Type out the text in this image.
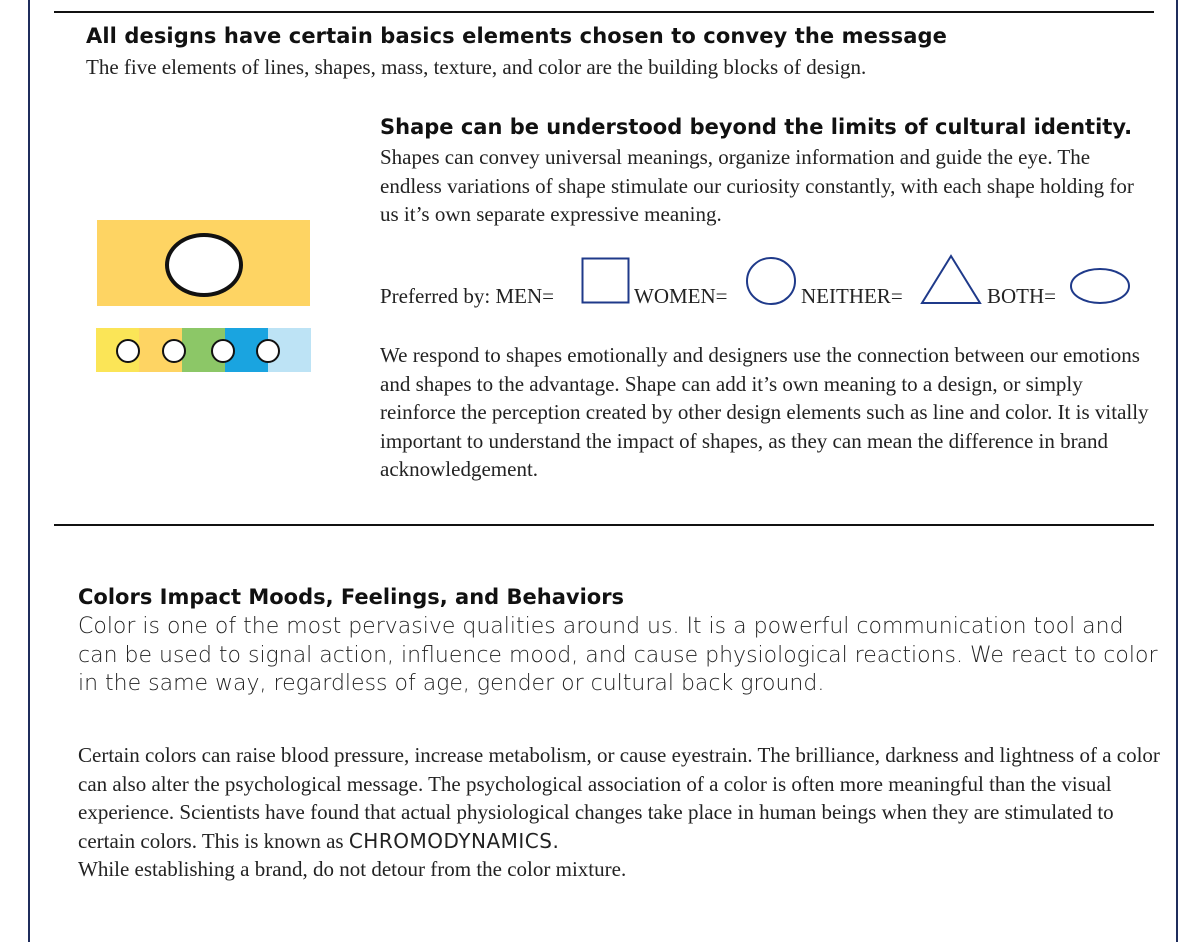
All designs have certain basics elements chosen to convey the message

The five elements of lines, shapes, mass, texture, and color are the building blocks of design.

Shape can be understood beyond the limits of cultural identity.

Shapes can convey universal meanings, organize information and guide the eye. The endless variations of shape stimulate our curiosity constantly, with each shape holding for us it’s own separate expressive meaning.

Preferred by: MEN=	WOMEN=	NEITHER=	BOTH=

We respond to shapes emotionally and designers use the connection between our emotions and shapes to the advantage. Shape can add it’s own meaning to a design, or simply reinforce the perception created by other design elements such as line and color. It is vitally important to understand the impact of shapes, as they can mean the difference in brand acknowledgement.

Colors Impact Moods, Feelings, and Behaviors

Color is one of the most pervasive qualities around us. It is a powerful communication tool and can be used to signal action, influence mood, and cause physiological reactions. We react to color in the same way, regardless of age, gender or cultural back ground.

Certain colors can raise blood pressure, increase metabolism, or cause eyestrain. The brilliance, darkness and lightness of a color can also alter the psychological message. The psychological association of a color is often more meaningful than the visual experience. Scientists have found that actual physiological changes take place in human beings when they are stimulated to certain colors. This is known as CHROMODYNAMICS.
While establishing a brand, do not detour from the color mixture.
